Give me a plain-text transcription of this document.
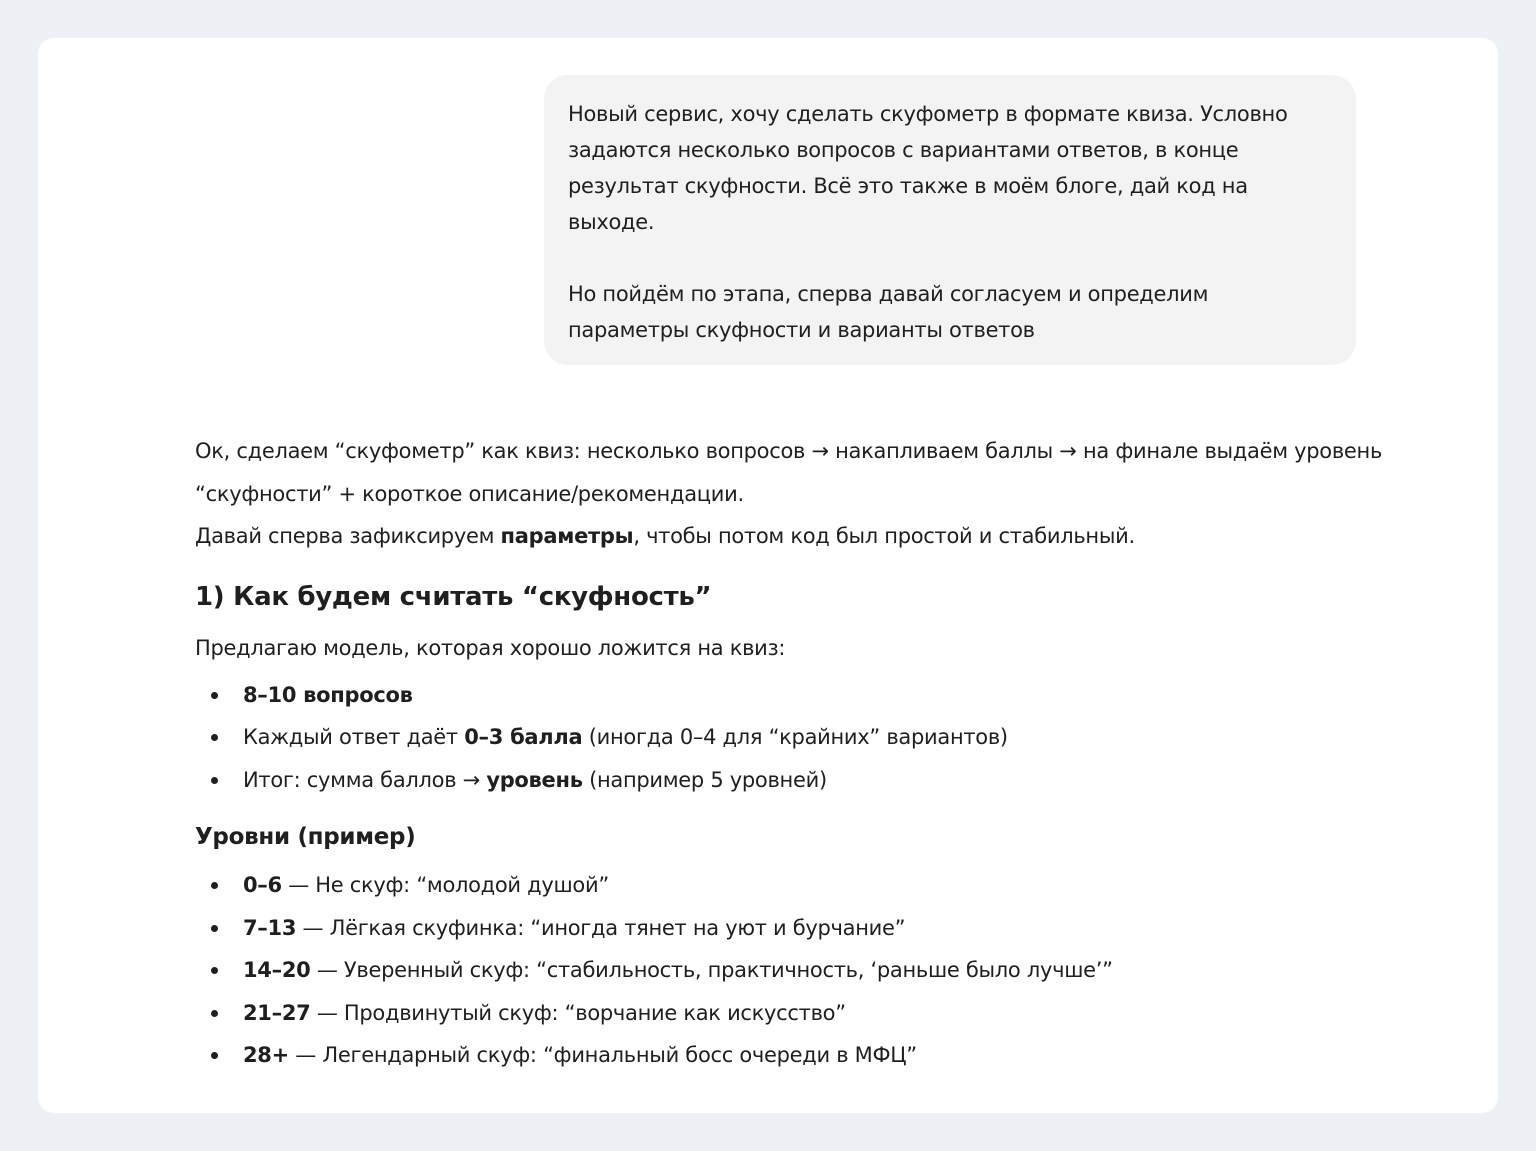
Новый сервис, хочу сделать скуфометр в формате квиза. Условно задаются несколько вопросов с вариантами ответов, в конце результат скуфности. Всё это также в моём блоге, дай код на выходе.

Но пойдём по этапа, сперва давай согласуем и определим параметры скуфности и варианты ответов

Ок, сделаем “скуфометр” как квиз: несколько вопросов → накапливаем баллы → на финале выдаём уровень “скуфности” + короткое описание/рекомендации.
Давай сперва зафиксируем параметры, чтобы потом код был простой и стабильный.

1) Как будем считать “скуфность”

Предлагаю модель, которая хорошо ложится на квиз:

8–10 вопросов
Каждый ответ даёт 0–3 балла (иногда 0–4 для “крайних” вариантов)
Итог: сумма баллов → уровень (например 5 уровней)
Уровни (пример)
0–6 — Не скуф: “молодой душой”
7–13 — Лёгкая скуфинка: “иногда тянет на уют и бурчание”
14–20 — Уверенный скуф: “стабильность, практичность, ‘раньше было лучше’”
21–27 — Продвинутый скуф: “ворчание как искусство”
28+ — Легендарный скуф: “финальный босс очереди в МФЦ”
